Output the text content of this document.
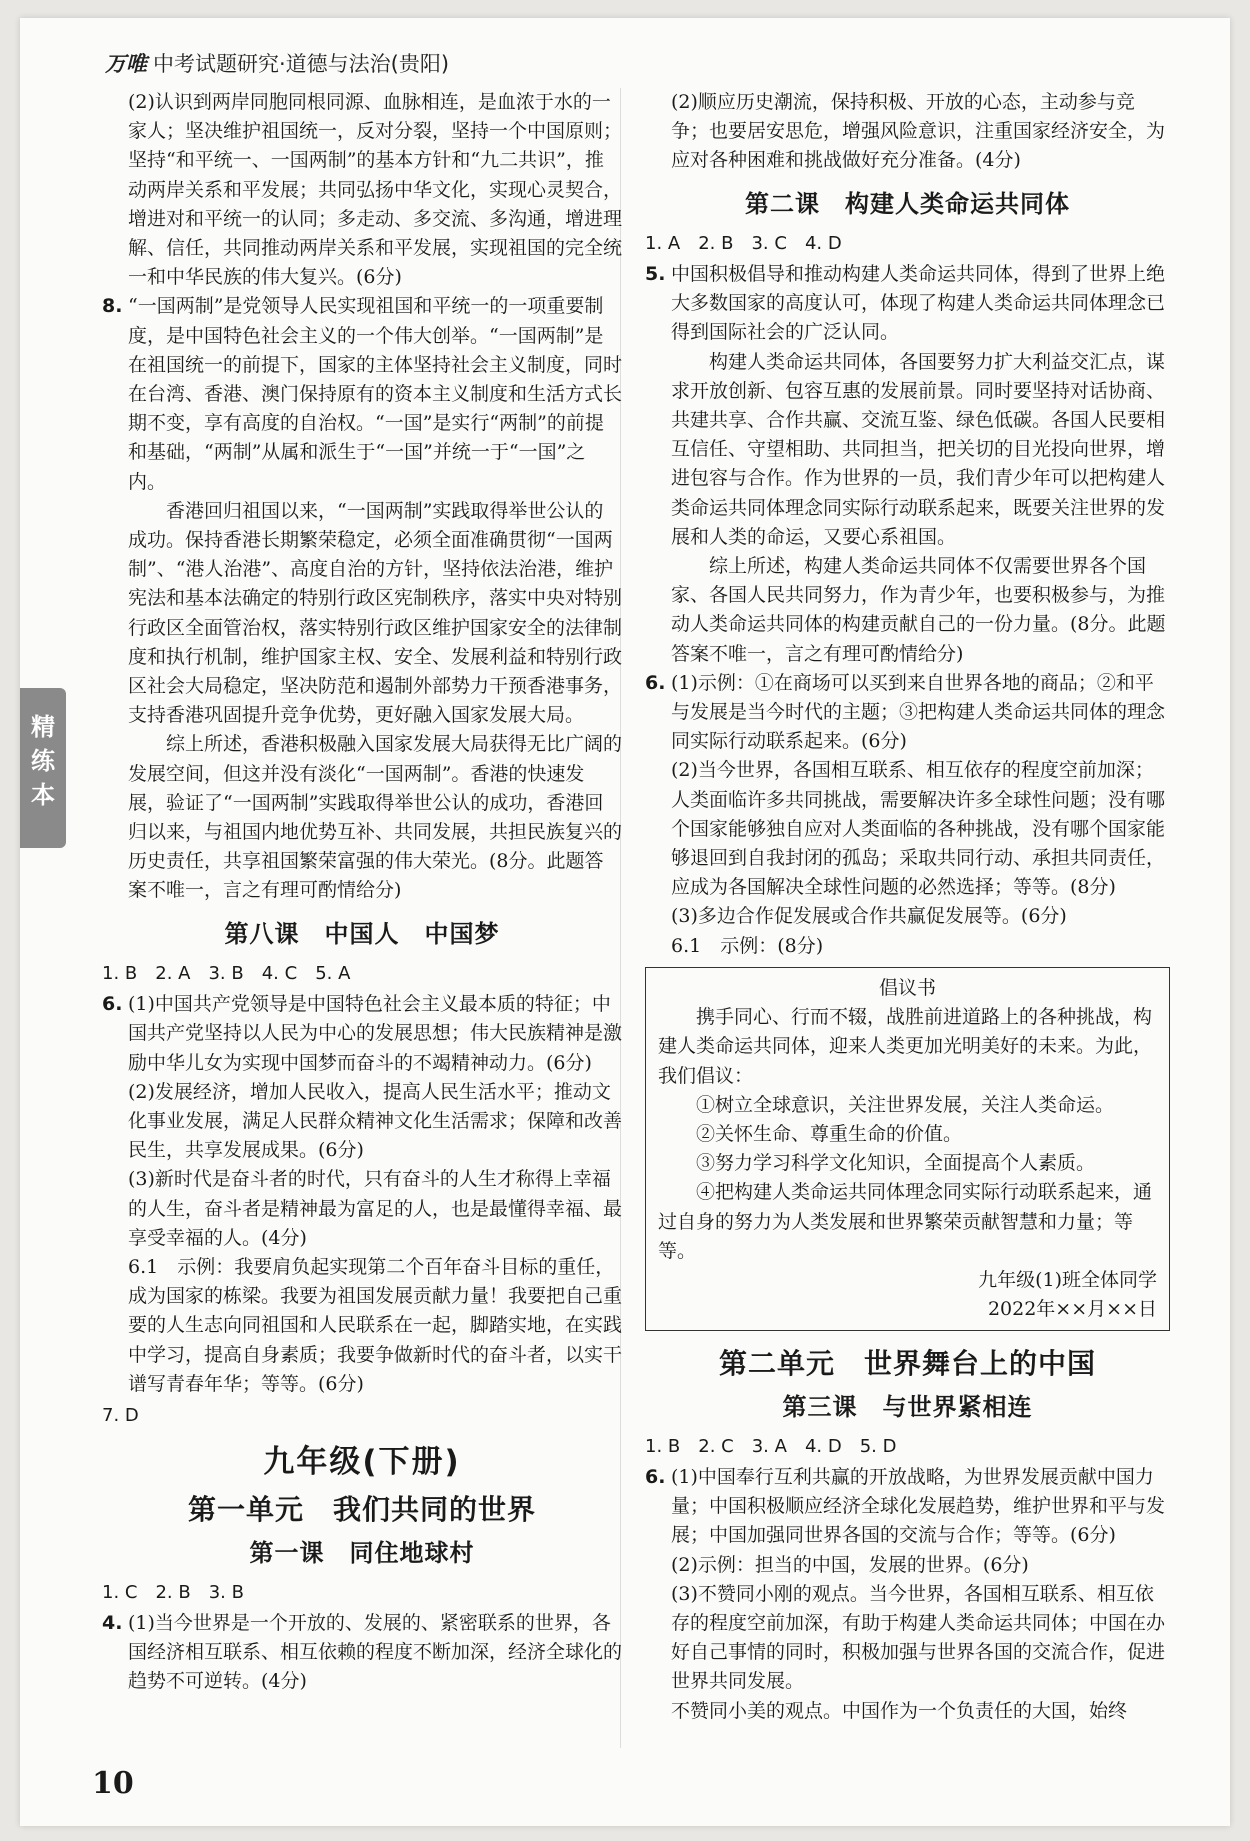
万唯 中考试题研究·道德与法治(贵阳)

(2)认识到两岸同胞同根同源、血脉相连，是血浓于水的一家人；坚决维护祖国统一，反对分裂，坚持一个中国原则；坚持“和平统一、一国两制”的基本方针和“九二共识”，推动两岸关系和平发展；共同弘扬中华文化，实现心灵契合，增进对和平统一的认同；多走动、多交流、多沟通，增进理解、信任，共同推动两岸关系和平发展，实现祖国的完全统一和中华民族的伟大复兴。(6分)

8. “一国两制”是党领导人民实现祖国和平统一的一项重要制度，是中国特色社会主义的一个伟大创举。“一国两制”是在祖国统一的前提下，国家的主体坚持社会主义制度，同时在台湾、香港、澳门保持原有的资本主义制度和生活方式长期不变，享有高度的自治权。“一国”是实行“两制”的前提和基础，“两制”从属和派生于“一国”并统一于“一国”之内。

香港回归祖国以来，“一国两制”实践取得举世公认的成功。保持香港长期繁荣稳定，必须全面准确贯彻“一国两制”、“港人治港”、高度自治的方针，坚持依法治港，维护宪法和基本法确定的特别行政区宪制秩序，落实中央对特别行政区全面管治权，落实特别行政区维护国家安全的法律制度和执行机制，维护国家主权、安全、发展利益和特别行政区社会大局稳定，坚决防范和遏制外部势力干预香港事务，支持香港巩固提升竞争优势，更好融入国家发展大局。

综上所述，香港积极融入国家发展大局获得无比广阔的发展空间，但这并没有淡化“一国两制”。香港的快速发展，验证了“一国两制”实践取得举世公认的成功，香港回归以来，与祖国内地优势互补、共同发展，共担民族复兴的历史责任，共享祖国繁荣富强的伟大荣光。(8分。此题答案不唯一，言之有理可酌情给分)

第八课　中国人　中国梦
1. B 2. A 3. B 4. C 5. A

6. (1)中国共产党领导是中国特色社会主义最本质的特征；中国共产党坚持以人民为中心的发展思想；伟大民族精神是激励中华儿女为实现中国梦而奋斗的不竭精神动力。(6分)

(2)发展经济，增加人民收入，提高人民生活水平；推动文化事业发展，满足人民群众精神文化生活需求；保障和改善民生，共享发展成果。(6分)

(3)新时代是奋斗者的时代，只有奋斗的人生才称得上幸福的人生，奋斗者是精神最为富足的人，也是最懂得幸福、最享受幸福的人。(4分)

6.1　示例：我要肩负起实现第二个百年奋斗目标的重任，成为国家的栋梁。我要为祖国发展贡献力量！我要把自己重要的人生志向同祖国和人民联系在一起，脚踏实地，在实践中学习，提高自身素质；我要争做新时代的奋斗者，以实干谱写青春年华；等等。(6分)

7. D

九年级(下册)
第一单元　我们共同的世界
第一课　同住地球村
1. C 2. B 3. B

4. (1)当今世界是一个开放的、发展的、紧密联系的世界，各国经济相互联系、相互依赖的程度不断加深，经济全球化的趋势不可逆转。(4分)

(2)顺应历史潮流，保持积极、开放的心态，主动参与竞争；也要居安思危，增强风险意识，注重国家经济安全，为应对各种困难和挑战做好充分准备。(4分)

第二课　构建人类命运共同体
1. A 2. B 3. C 4. D

5. 中国积极倡导和推动构建人类命运共同体，得到了世界上绝大多数国家的高度认可，体现了构建人类命运共同体理念已得到国际社会的广泛认同。

构建人类命运共同体，各国要努力扩大利益交汇点，谋求开放创新、包容互惠的发展前景。同时要坚持对话协商、共建共享、合作共赢、交流互鉴、绿色低碳。各国人民要相互信任、守望相助、共同担当，把关切的目光投向世界，增进包容与合作。作为世界的一员，我们青少年可以把构建人类命运共同体理念同实际行动联系起来，既要关注世界的发展和人类的命运，又要心系祖国。

综上所述，构建人类命运共同体不仅需要世界各个国家、各国人民共同努力，作为青少年，也要积极参与，为推动人类命运共同体的构建贡献自己的一份力量。(8分。此题答案不唯一，言之有理可酌情给分)

6. (1)示例：①在商场可以买到来自世界各地的商品；②和平与发展是当今时代的主题；③把构建人类命运共同体的理念同实际行动联系起来。(6分)

(2)当今世界，各国相互联系、相互依存的程度空前加深；人类面临许多共同挑战，需要解决许多全球性问题；没有哪个国家能够独自应对人类面临的各种挑战，没有哪个国家能够退回到自我封闭的孤岛；采取共同行动、承担共同责任，应成为各国解决全球性问题的必然选择；等等。(8分)

(3)多边合作促发展或合作共赢促发展等。(6分)

6.1　示例：(8分)

倡议书

携手同心、行而不辍，战胜前进道路上的各种挑战，构建人类命运共同体，迎来人类更加光明美好的未来。为此，我们倡议：

①树立全球意识，关注世界发展，关注人类命运。

②关怀生命、尊重生命的价值。

③努力学习科学文化知识，全面提高个人素质。

④把构建人类命运共同体理念同实际行动联系起来，通过自身的努力为人类发展和世界繁荣贡献智慧和力量；等等。

九年级(1)班全体同学
2022年××月××日
第二单元　世界舞台上的中国
第三课　与世界紧相连
1. B 2. C 3. A 4. D 5. D

6. (1)中国奉行互利共赢的开放战略，为世界发展贡献中国力量；中国积极顺应经济全球化发展趋势，维护世界和平与发展；中国加强同世界各国的交流与合作；等等。(6分)

(2)示例：担当的中国，发展的世界。(6分)

(3)不赞同小刚的观点。当今世界，各国相互联系、相互依存的程度空前加深，有助于构建人类命运共同体；中国在办好自己事情的同时，积极加强与世界各国的交流合作，促进世界共同发展。

不赞同小美的观点。中国作为一个负责任的大国，始终

精
练
本
10
